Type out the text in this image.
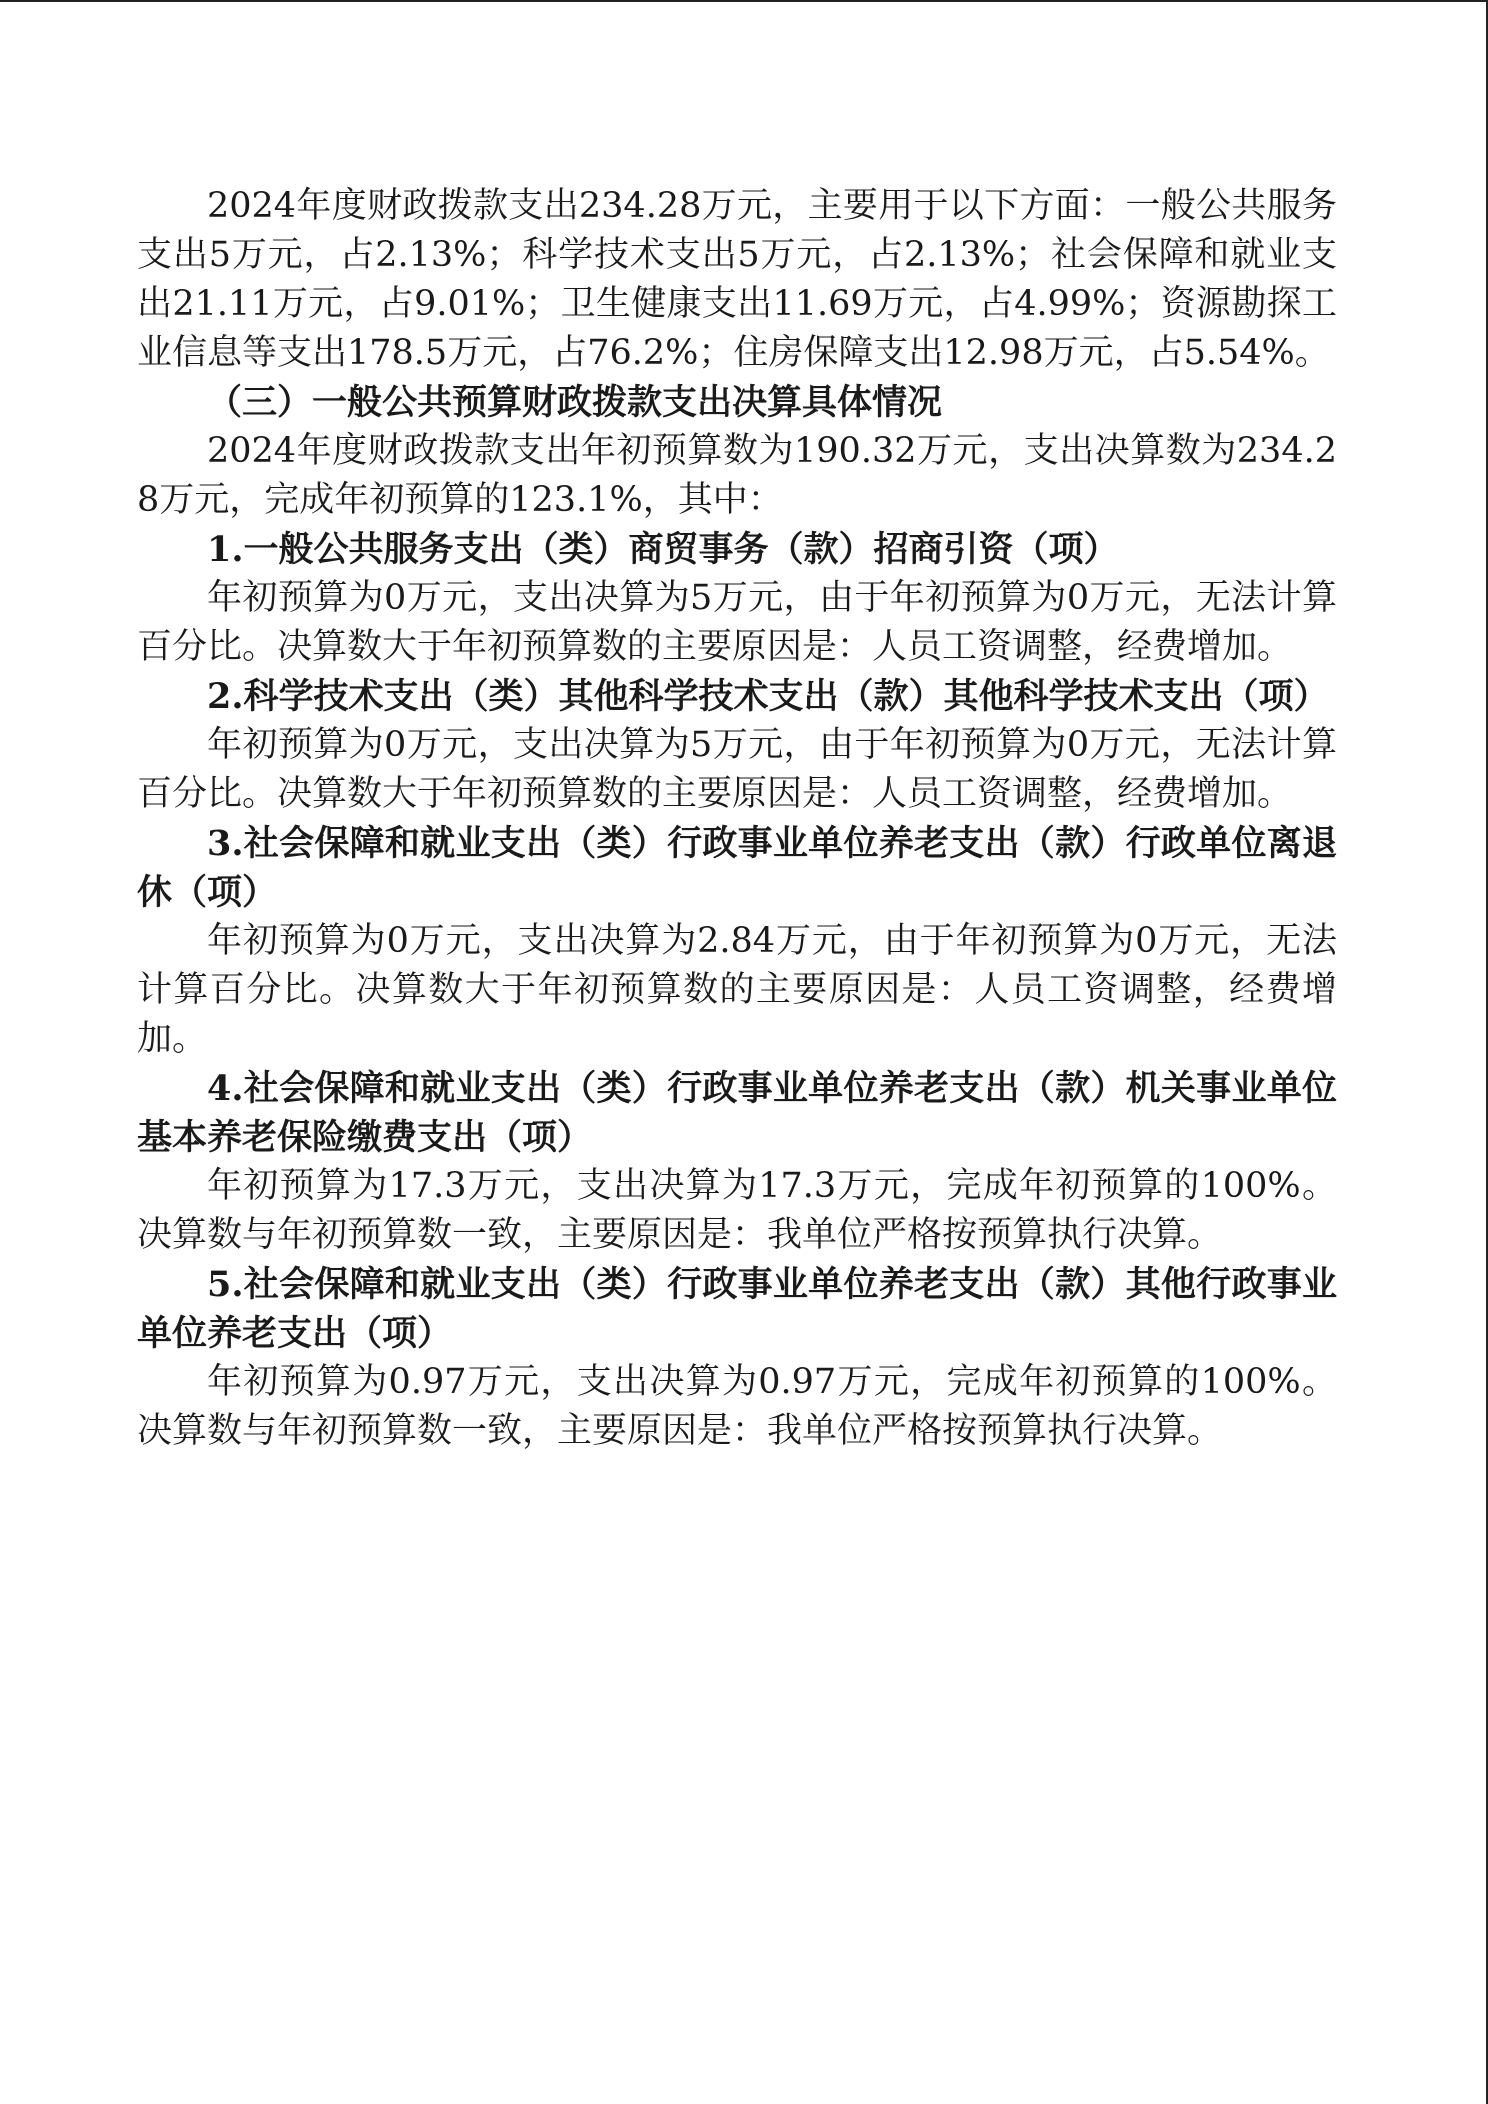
2024年度财政拨款支出234.28万元，主要用于以下方面：一般公共服务支出5万元，占2.13%；科学技术支出5万元，占2.13%；社会保障和就业支出21.11万元，占9.01%；卫生健康支出11.69万元，占4.99%；资源勘探工业信息等支出178.5万元，占76.2%；住房保障支出12.98万元，占5.54%。

（三）一般公共预算财政拨款支出决算具体情况

2024年度财政拨款支出年初预算数为190.32万元，支出决算数为234.28万元，完成年初预算的123.1%，其中：

1.一般公共服务支出（类）商贸事务（款）招商引资（项）

年初预算为0万元，支出决算为5万元，由于年初预算为0万元，无法计算百分比。决算数大于年初预算数的主要原因是：人员工资调整，经费增加。

2.科学技术支出（类）其他科学技术支出（款）其他科学技术支出（项）

年初预算为0万元，支出决算为5万元，由于年初预算为0万元，无法计算百分比。决算数大于年初预算数的主要原因是：人员工资调整，经费增加。

3.社会保障和就业支出（类）行政事业单位养老支出（款）行政单位离退休（项）

年初预算为0万元，支出决算为2.84万元，由于年初预算为0万元，无法计算百分比。决算数大于年初预算数的主要原因是：人员工资调整，经费增加。

4.社会保障和就业支出（类）行政事业单位养老支出（款）机关事业单位基本养老保险缴费支出（项）

年初预算为17.3万元，支出决算为17.3万元，完成年初预算的100%。决算数与年初预算数一致，主要原因是：我单位严格按预算执行决算。

5.社会保障和就业支出（类）行政事业单位养老支出（款）其他行政事业单位养老支出（项）

年初预算为0.97万元，支出决算为0.97万元，完成年初预算的100%。决算数与年初预算数一致，主要原因是：我单位严格按预算执行决算。
